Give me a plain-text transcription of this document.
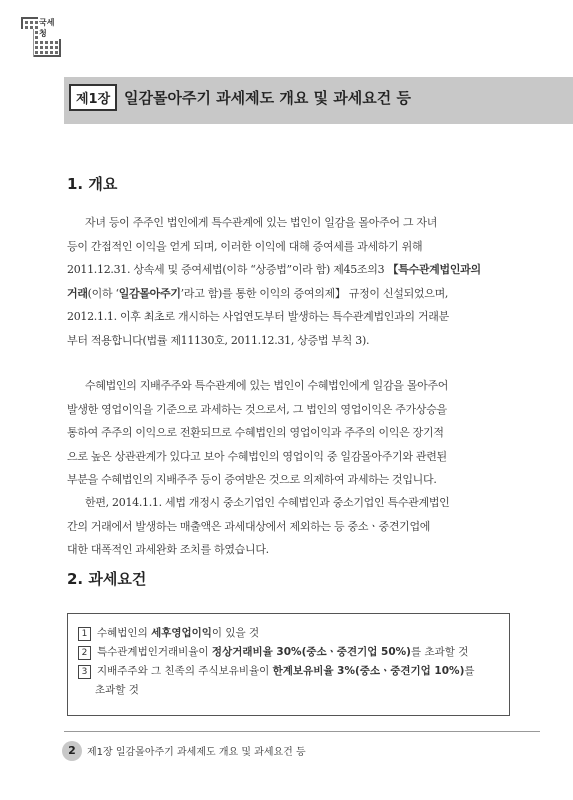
국세청
제1장 일감몰아주기 과세제도 개요 및 과세요건 등
1. 개요
자녀 등이 주주인 법인에게 특수관계에 있는 법인이 일감을 몰아주어 그 자녀
등이 간접적인 이익을 얻게 되며, 이러한 이익에 대해 증여세를 과세하기 위해
2011.12.31. 상속세 및 증여세법(이하 “상증법”이라 함) 제45조의3 【특수관계법인과의
거래(이하 ‘일감몰아주기’라고 함)를 통한 이익의 증여의제】 규정이 신설되었으며,
2012.1.1. 이후 최초로 개시하는 사업연도부터 발생하는 특수관계법인과의 거래분
부터 적용합니다(법률 제11130호, 2011.12.31, 상증법 부칙 3).
수혜법인의 지배주주와 특수관계에 있는 법인이 수혜법인에게 일감을 몰아주어
발생한 영업이익을 기준으로 과세하는 것으로서, 그 법인의 영업이익은 주가상승을
통하여 주주의 이익으로 전환되므로 수혜법인의 영업이익과 주주의 이익은 장기적
으로 높은 상관관계가 있다고 보아 수혜법인의 영업이익 중 일감몰아주기와 관련된
부분을 수혜법인의 지배주주 등이 증여받은 것으로 의제하여 과세하는 것입니다.
한편, 2014.1.1. 세법 개정시 중소기업인 수혜법인과 중소기업인 특수관계법인
간의 거래에서 발생하는 매출액은 과세대상에서 제외하는 등 중소ㆍ중견기업에
대한 대폭적인 과세완화 조치를 하였습니다.
2. 과세요건
1 수혜법인의 세후영업이익이 있을 것
2 특수관계법인거래비율이 정상거래비율 30%(중소ㆍ중견기업 50%)를 초과할 것
3 지배주주와 그 친족의 주식보유비율이 한계보유비율 3%(중소ㆍ중견기업 10%)를
초과할 것
2	제1장 일감몰아주기 과세제도 개요 및 과세요건 등
